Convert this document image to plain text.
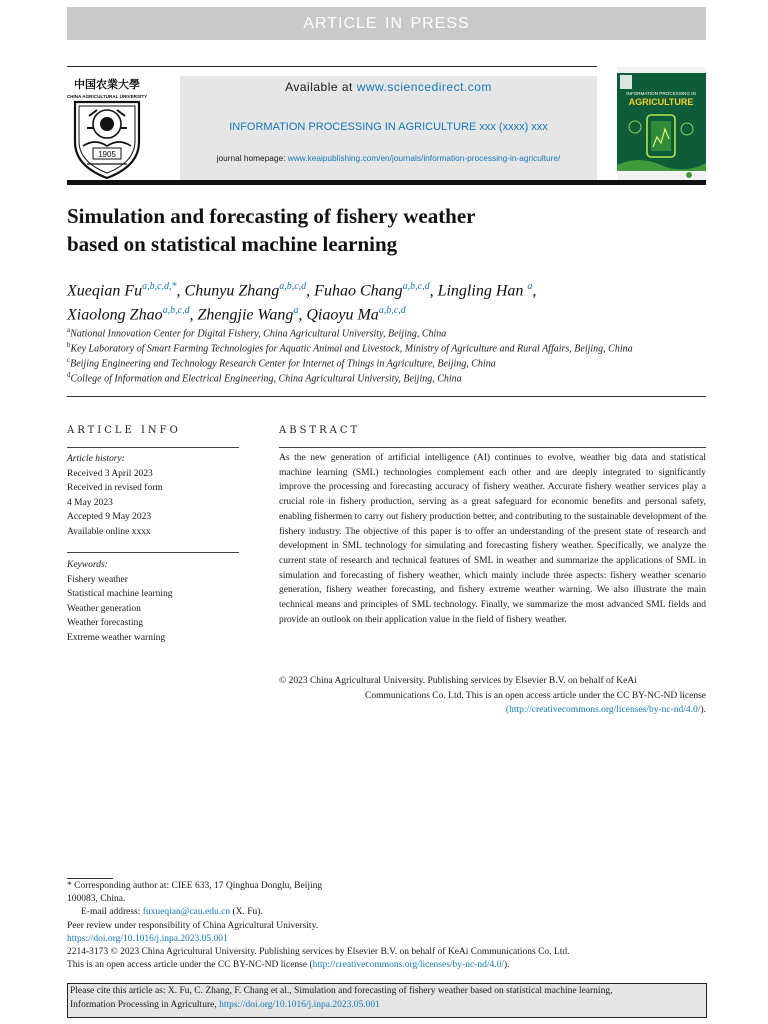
ARTICLE IN PRESS
中国农業大學
CHINA AGRICULTURAL UNIVERSITY
1905
Available at www.sciencedirect.com
INFORMATION PROCESSING IN AGRICULTURE xxx (xxxx) xxx
journal homepage: www.keaipublishing.com/en/journals/information-processing-in-agriculture/
INFORMATION PROCESSING IN
AGRICULTURE
Simulation and forecasting of fishery weather
based on statistical machine learning
Xueqian $Fu^{a,b,c,d,*}$, Chunyu Zhang$^{a,b,c,d}$, Fuhao Chang$^{a,b,c,d}$, Lingling Han $^a$,
Xiaolong Zhao$^{a,b,c,d}$, Zhengjie Wang$^a$, Qiaoyu Ma$^{a,b,c,d}$
$^a$National Innovation Center for Digital Fishery, China Agricultural University, Beijing, China
$^b$Key Laboratory of Smart Farming Technologies for Aquatic Animal and Livestock, Ministry of Agriculture and Rural Affairs, Beijing, China
$^c$Beijing Engineering and Technology Research Center for Internet of Things in Agriculture, Beijing, China
$^d$College of Information and Electrical Engineering, China Agricultural University, Beijing, China
ARTICLE INFO
Article history:
Received 3 April 2023
Received in revised form
4 May 2023
Accepted 9 May 2023
Available online xxxx
Keywords:
Fishery weather
Statistical machine learning
Weather generation
Weather forecasting
Extreme weather warning
ABSTRACT
As the new generation of artificial intelligence (AI) continues to evolve, weather big data and statistical machine learning (SML) technologies complement each other and are deeply integrated to significantly improve the processing and forecasting accuracy of fishery weather. Accurate fishery weather services play a crucial role in fishery production, serving as a great safeguard for economic benefits and personal safety, enabling fishermen to carry out fishery production better, and contributing to the sustainable development of the fishery industry. The objective of this paper is to offer an understanding of the present state of research and development in SML technology for simulating and forecasting fishery weather. Specifically, we analyze the current state of research and technical features of SML in weather and summarize the applications of SML in simulation and forecasting of fishery weather, which mainly include three aspects: fishery weather scenario generation, fishery weather forecasting, and fishery extreme weather warning. We also illustrate the main technical means and principles of SML technology. Finally, we summarize the most advanced SML fields and provide an outlook on their application value in the field of fishery weather.
© 2023 China Agricultural University. Publishing services by Elsevier B.V. on behalf of KeAi
Communications Co. Ltd. This is an open access article under the CC BY-NC-ND license
(http://creativecommons.org/licenses/by-nc-nd/4.0/).
* Corresponding author at: CIEE 633, 17 Qinghua Donglu, Beijing
100083, China.
E-mail address: fuxueqian@cau.edu.cn (X. Fu).
Peer review under responsibility of China Agricultural University.
https://doi.org/10.1016/j.inpa.2023.05.001
2214-3173 © 2023 China Agricultural University. Publishing services by Elsevier B.V. on behalf of KeAi Communications Co. Ltd.
This is an open access article under the CC BY-NC-ND license (http://creativecommons.org/licenses/by-nc-nd/4.0/).
Please cite this article as: X. Fu, C. Zhang, F. Chang et al., Simulation and forecasting of fishery weather based on statistical machine learning,
Information Processing in Agriculture, https://doi.org/10.1016/j.inpa.2023.05.001
